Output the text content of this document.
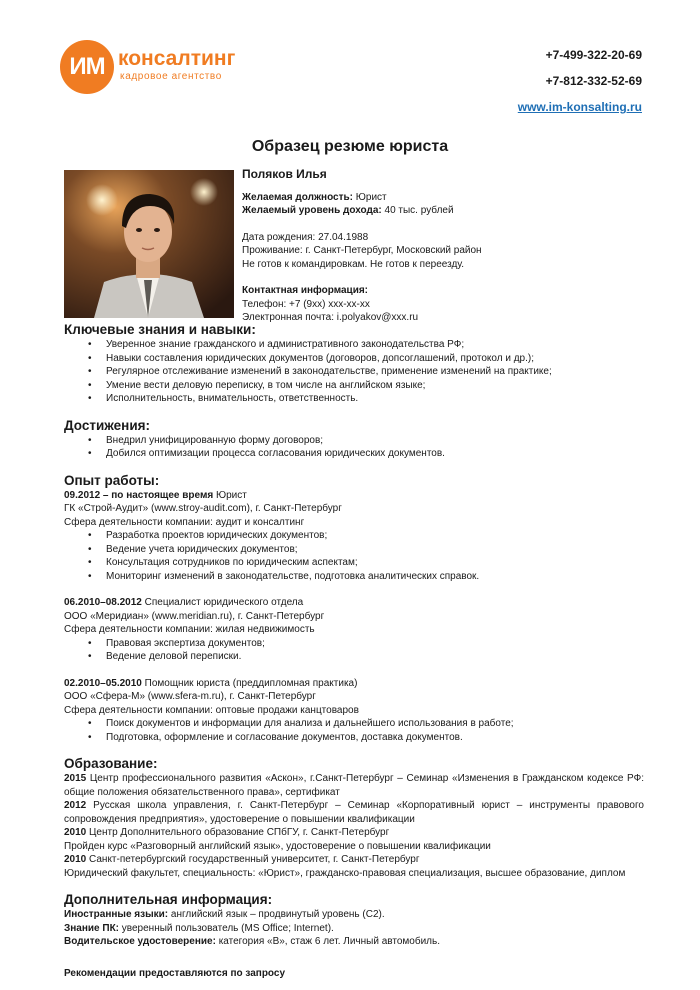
ИМ консалтинг
кадровое агентство
+7-499-322-20-69
+7-812-332-52-69
www.im-konsalting.ru
Образец резюме юриста
Поляков Илья
Желаемая должность: Юрист
Желаемый уровень дохода: 40 тыс. рублей
Дата рождения: 27.04.1988
Проживание: г. Санкт-Петербург, Московский район
Не готов к командировкам. Не готов к переезду.
Контактная информация:
Телефон: +7 (9хх) ххх-хх-хх
Электронная почта: i.polyakov@xxx.ru
Ключевые знания и навыки:
• Уверенное знание гражданского и административного законодательства РФ;
• Навыки составления юридических документов (договоров, допсоглашений, протокол и др.);
• Регулярное отслеживание изменений в законодательстве, применение изменений на практике;
• Умение вести деловую переписку, в том числе на английском языке;
• Исполнительность, внимательность, ответственность.
Достижения:
• Внедрил унифицированную форму договоров;
• Добился оптимизации процесса согласования юридических документов.
Опыт работы:
09.2012 – по настоящее время Юрист
ГК «Строй-Аудит» (www.stroy-audit.com), г. Санкт-Петербург
Сфера деятельности компании: аудит и консалтинг
• Разработка проектов юридических документов;
• Ведение учета юридических документов;
• Консультация сотрудников по юридическим аспектам;
• Мониторинг изменений в законодательстве, подготовка аналитических справок.
06.2010–08.2012 Специалист юридического отдела
ООО «Меридиан» (www.meridian.ru), г. Санкт-Петербург
Сфера деятельности компании: жилая недвижимость
• Правовая экспертиза документов;
• Ведение деловой переписки.
02.2010–05.2010 Помощник юриста (преддипломная практика)
ООО «Сфера-М» (www.sfera-m.ru), г. Санкт-Петербург
Сфера деятельности компании: оптовые продажи канцтоваров
• Поиск документов и информации для анализа и дальнейшего использования в работе;
• Подготовка, оформление и согласование документов, доставка документов.
Образование:
2015 Центр профессионального развития «Аскон», г.Санкт-Петербург – Семинар «Изменения в Гражданском кодексе РФ: общие положения обязательственного права», сертификат
2012 Русская школа управления, г. Санкт-Петербург – Семинар «Корпоративный юрист – инструменты правового сопровождения предприятия», удостоверение о повышении квалификации
2010 Центр Дополнительного образование СПбГУ, г. Санкт-Петербург
Пройден курс «Разговорный английский язык», удостоверение о повышении квалификации
2010 Санкт-петербургский государственный университет, г. Санкт-Петербург
Юридический факультет, специальность: «Юрист», гражданско-правовая специализация, высшее образование, диплом
Дополнительная информация:
Иностранные языки: английский язык – продвинутый уровень (С2).
Знание ПК: уверенный пользователь (MS Office; Internet).
Водительское удостоверение: категория «В», стаж 6 лет. Личный автомобиль.
Рекомендации предоставляются по запросу
